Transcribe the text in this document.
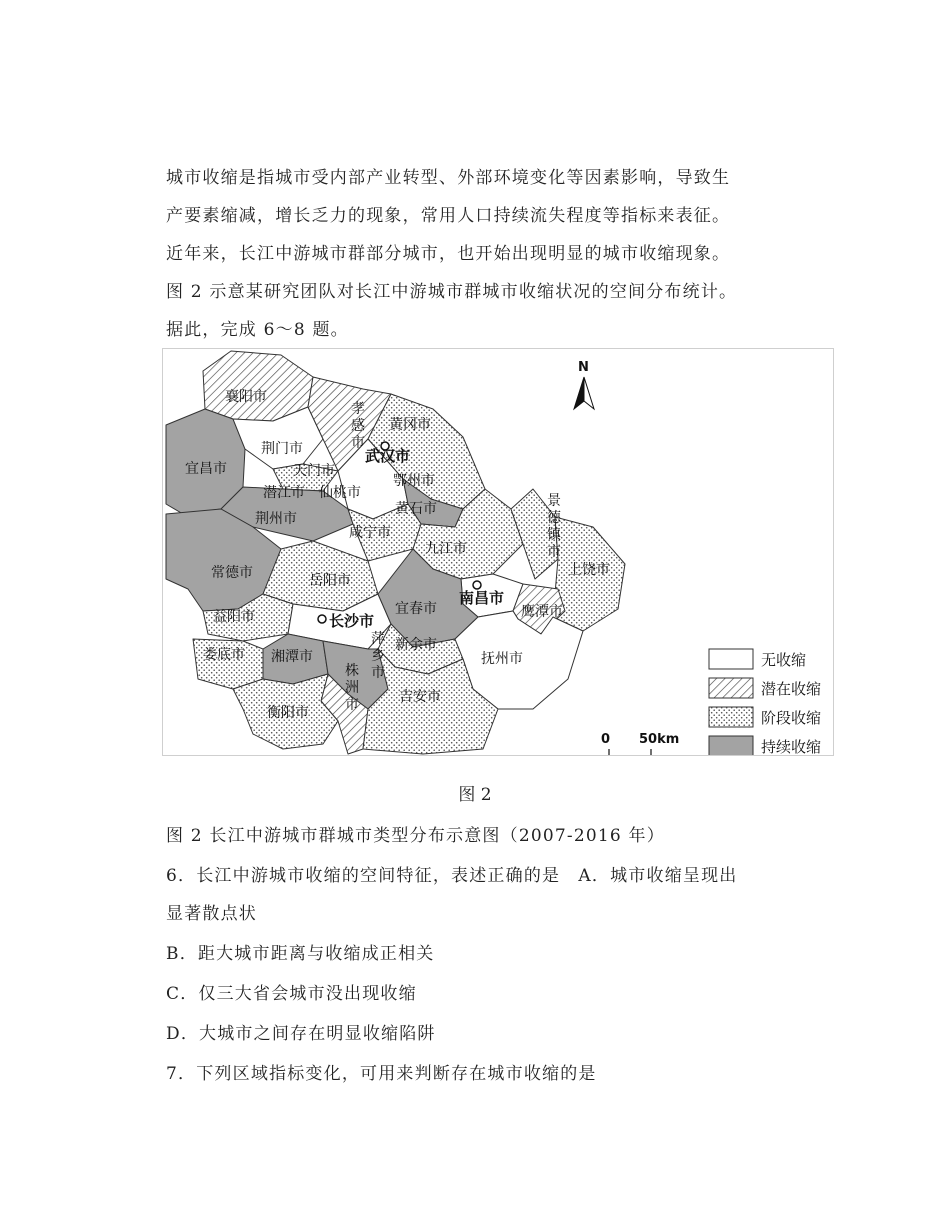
城市收缩是指城市受内部产业转型、外部环境变化等因素影响，导致生
产要素缩减，增长乏力的现象，常用人口持续流失程度等指标来表征。
近年来，长江中游城市群部分城市，也开始出现明显的城市收缩现象。
图 2 示意某研究团队对长江中游城市群城市收缩状况的空间分布统计。
据此，完成 6～8 题。
襄阳市
荆门市
宜昌市	天门市
潜江市 仙桃市
荆州市
武汉市
黄冈市
鄂州市
黄石市
咸宁市
九江市
上饶市
常德市	岳阳市
南昌市
鹰潭市
益阳市	长沙市
宜春市
新余市
抚州市
娄底市 湘潭市
吉安市
衡阳市
孝感市
景德镇市
萍乡市
株洲市
N
无收缩
潜在收缩
阶段收缩
持续收缩
0 50km
图 2
图 2 长江中游城市群城市类型分布示意图（2007-2016 年）
6．长江中游城市收缩的空间特征，表述正确的是　A．城市收缩呈现出
显著散点状
B．距大城市距离与收缩成正相关
C．仅三大省会城市没出现收缩
D．大城市之间存在明显收缩陷阱
7．下列区域指标变化，可用来判断存在城市收缩的是
